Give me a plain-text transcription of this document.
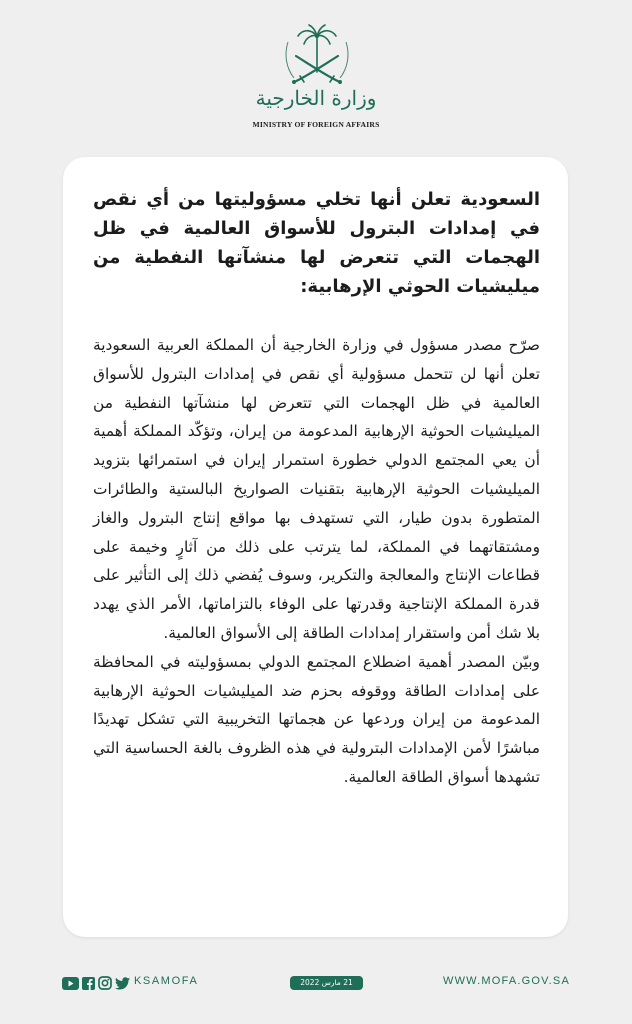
وزارة الخارجية
MINISTRY OF FOREIGN AFFAIRS
السعودية تعلن أنها تخلي مسؤوليتها من أي نقص في إمدادات البترول للأسواق العالمية في ظل الهجمات التي تتعرض لها منشآتها النفطية من ميليشيات الحوثي الإرهابية:

صرّح مصدر مسؤول في وزارة الخارجية أن المملكة العربية السعودية تعلن أنها لن تتحمل مسؤولية أي نقص في إمدادات البترول للأسواق العالمية في ظل الهجمات التي تتعرض لها منشآتها النفطية من الميليشيات الحوثية الإرهابية المدعومة من إيران، وتؤكّد المملكة أهمية أن يعي المجتمع الدولي خطورة استمرار إيران في استمرائها بتزويد الميليشيات الحوثية الإرهابية بتقنيات الصواريخ البالستية والطائرات المتطورة بدون طيار، التي تستهدف بها مواقع إنتاج البترول والغاز ومشتقاتهما في المملكة، لما يترتب على ذلك من آثارٍ وخيمة على قطاعات الإنتاج والمعالجة والتكرير، وسوف يُفضي ذلك إلى التأثير على قدرة المملكة الإنتاجية وقدرتها على الوفاء بالتزاماتها، الأمر الذي يهدد بلا شك أمن واستقرار إمدادات الطاقة إلى الأسواق العالمية.
وبيّن المصدر أهمية اضطلاع المجتمع الدولي بمسؤوليته في المحافظة على إمدادات الطاقة ووقوفه بحزم ضد الميليشيات الحوثية الإرهابية المدعومة من إيران وردعها عن هجماتها التخريبية التي تشكل تهديدًا مباشرًا لأمن الإمدادات البترولية في هذه الظروف بالغة الحساسية التي تشهدها أسواق الطاقة العالمية.

KSAMOFA	21 مارس 2022	WWW.MOFA.GOV.SA
